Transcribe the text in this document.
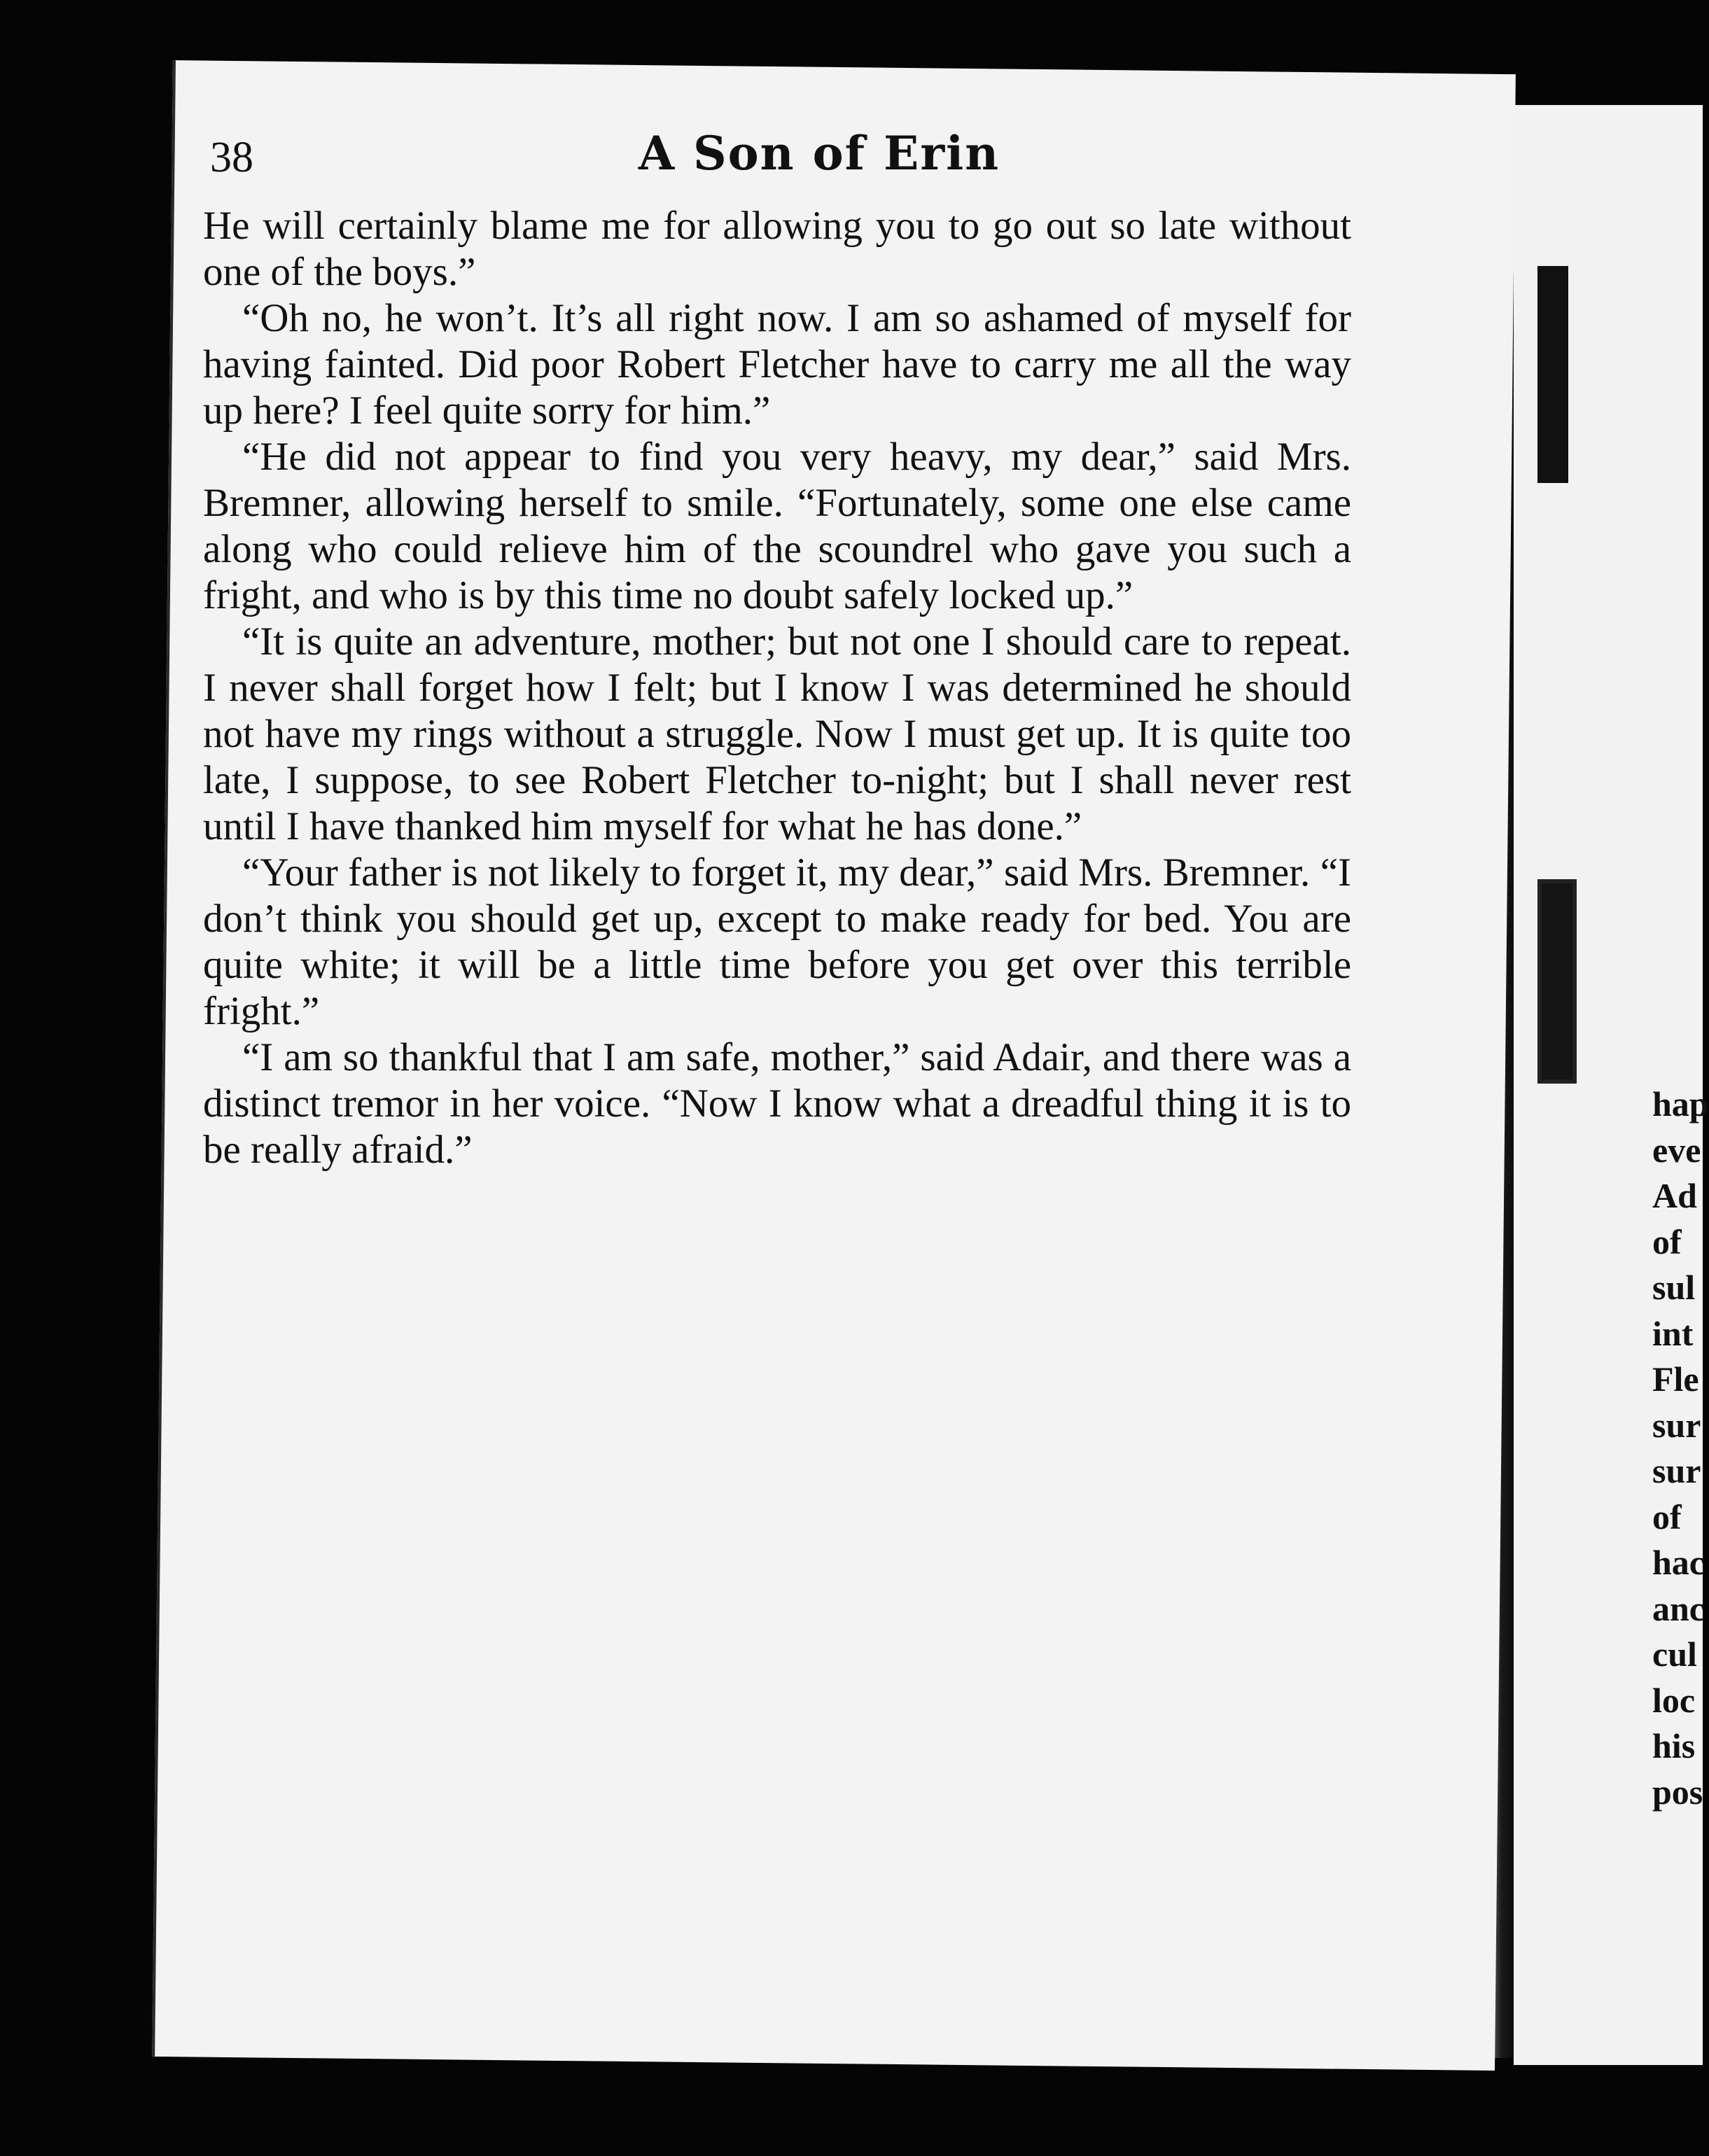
38	A Son of Erin

He will certainly blame me for allowing you to go out so late without one of the boys.”

“Oh no, he won’t. It’s all right now. I am so ashamed of myself for having fainted. Did poor Robert Fletcher have to carry me all the way up here? I feel quite sorry for him.”

“He did not appear to find you very heavy, my dear,” said Mrs. Bremner, allowing herself to smile. “Fortunately, some one else came along who could relieve him of the scoundrel who gave you such a fright, and who is by this time no doubt safely locked up.”

“It is quite an adventure, mother; but not one I should care to repeat. I never shall forget how I felt; but I know I was determined he should not have my rings without a struggle. Now I must get up. It is quite too late, I suppose, to see Robert Fletcher to-night; but I shall never rest until I have thanked him myself for what he has done.”

“Your father is not likely to forget it, my dear,” said Mrs. Bremner. “I don’t think you should get up, except to make ready for bed. You are quite white; it will be a little time before you get over this terrible fright.”

“I am so thankful that I am safe, mother,” said Adair, and there was a distinct tremor in her voice. “Now I know what a dreadful thing it is to be really afraid.”

hap
eve
Ad
of
sul
int
Fle
sur
sur
of
hac
anc
cul
loc
his
pos
